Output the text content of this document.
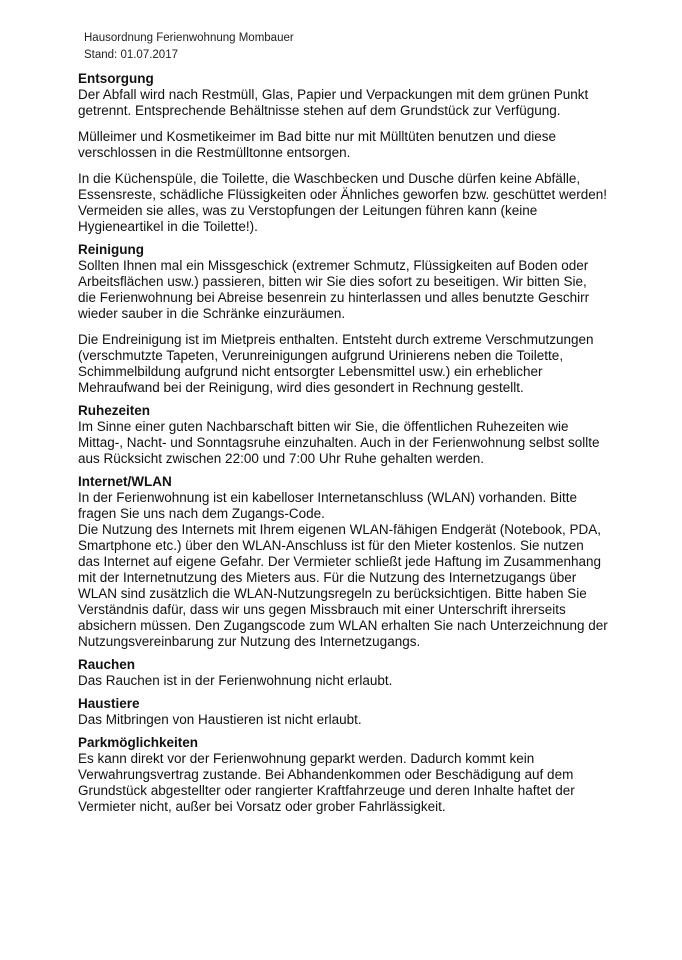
Hausordnung Ferienwohnung Mombauer
Stand: 01.07.2017
Entsorgung

Der Abfall wird nach Restmüll, Glas, Papier und Verpackungen mit dem grünen Punkt getrennt. Entsprechende Behältnisse stehen auf dem Grundstück zur Verfügung.

Mülleimer und Kosmetikeimer im Bad bitte nur mit Mülltüten benutzen und diese verschlossen in die Restmülltonne entsorgen.

In die Küchenspüle, die Toilette, die Waschbecken und Dusche dürfen keine Abfälle, Essensreste, schädliche Flüssigkeiten oder Ähnliches geworfen bzw. geschüttet werden! Vermeiden sie alles, was zu Verstopfungen der Leitungen führen kann (keine Hygieneartikel in die Toilette!).

Reinigung

Sollten Ihnen mal ein Missgeschick (extremer Schmutz, Flüssigkeiten auf Boden oder Arbeitsflächen usw.) passieren, bitten wir Sie dies sofort zu beseitigen. Wir bitten Sie, die Ferienwohnung bei Abreise besenrein zu hinterlassen und alles benutzte Geschirr wieder sauber in die Schränke einzuräumen.

Die Endreinigung ist im Mietpreis enthalten. Entsteht durch extreme Verschmutzungen (verschmutzte Tapeten, Verunreinigungen aufgrund Urinierens neben die Toilette, Schimmelbildung aufgrund nicht entsorgter Lebensmittel usw.) ein erheblicher Mehraufwand bei der Reinigung, wird dies gesondert in Rechnung gestellt.

Ruhezeiten

Im Sinne einer guten Nachbarschaft bitten wir Sie, die öffentlichen Ruhezeiten wie Mittag-, Nacht- und Sonntagsruhe einzuhalten. Auch in der Ferienwohnung selbst sollte aus Rücksicht zwischen 22:00 und 7:00 Uhr Ruhe gehalten werden.

Internet/WLAN

In der Ferienwohnung ist ein kabelloser Internetanschluss (WLAN) vorhanden. Bitte fragen Sie uns nach dem Zugangs-Code.

Die Nutzung des Internets mit Ihrem eigenen WLAN-fähigen Endgerät (Notebook, PDA, Smartphone etc.) über den WLAN-Anschluss ist für den Mieter kostenlos. Sie nutzen das Internet auf eigene Gefahr. Der Vermieter schließt jede Haftung im Zusammenhang mit der Internetnutzung des Mieters aus. Für die Nutzung des Internetzugangs über WLAN sind zusätzlich die WLAN-Nutzungsregeln zu berücksichtigen. Bitte haben Sie Verständnis dafür, dass wir uns gegen Missbrauch mit einer Unterschrift ihrerseits absichern müssen. Den Zugangscode zum WLAN erhalten Sie nach Unterzeichnung der Nutzungsvereinbarung zur Nutzung des Internetzugangs.

Rauchen

Das Rauchen ist in der Ferienwohnung nicht erlaubt.

Haustiere

Das Mitbringen von Haustieren ist nicht erlaubt.

Parkmöglichkeiten

Es kann direkt vor der Ferienwohnung geparkt werden. Dadurch kommt kein Verwahrungsvertrag zustande. Bei Abhandenkommen oder Beschädigung auf dem Grundstück abgestellter oder rangierter Kraftfahrzeuge und deren Inhalte haftet der Vermieter nicht, außer bei Vorsatz oder grober Fahrlässigkeit.
